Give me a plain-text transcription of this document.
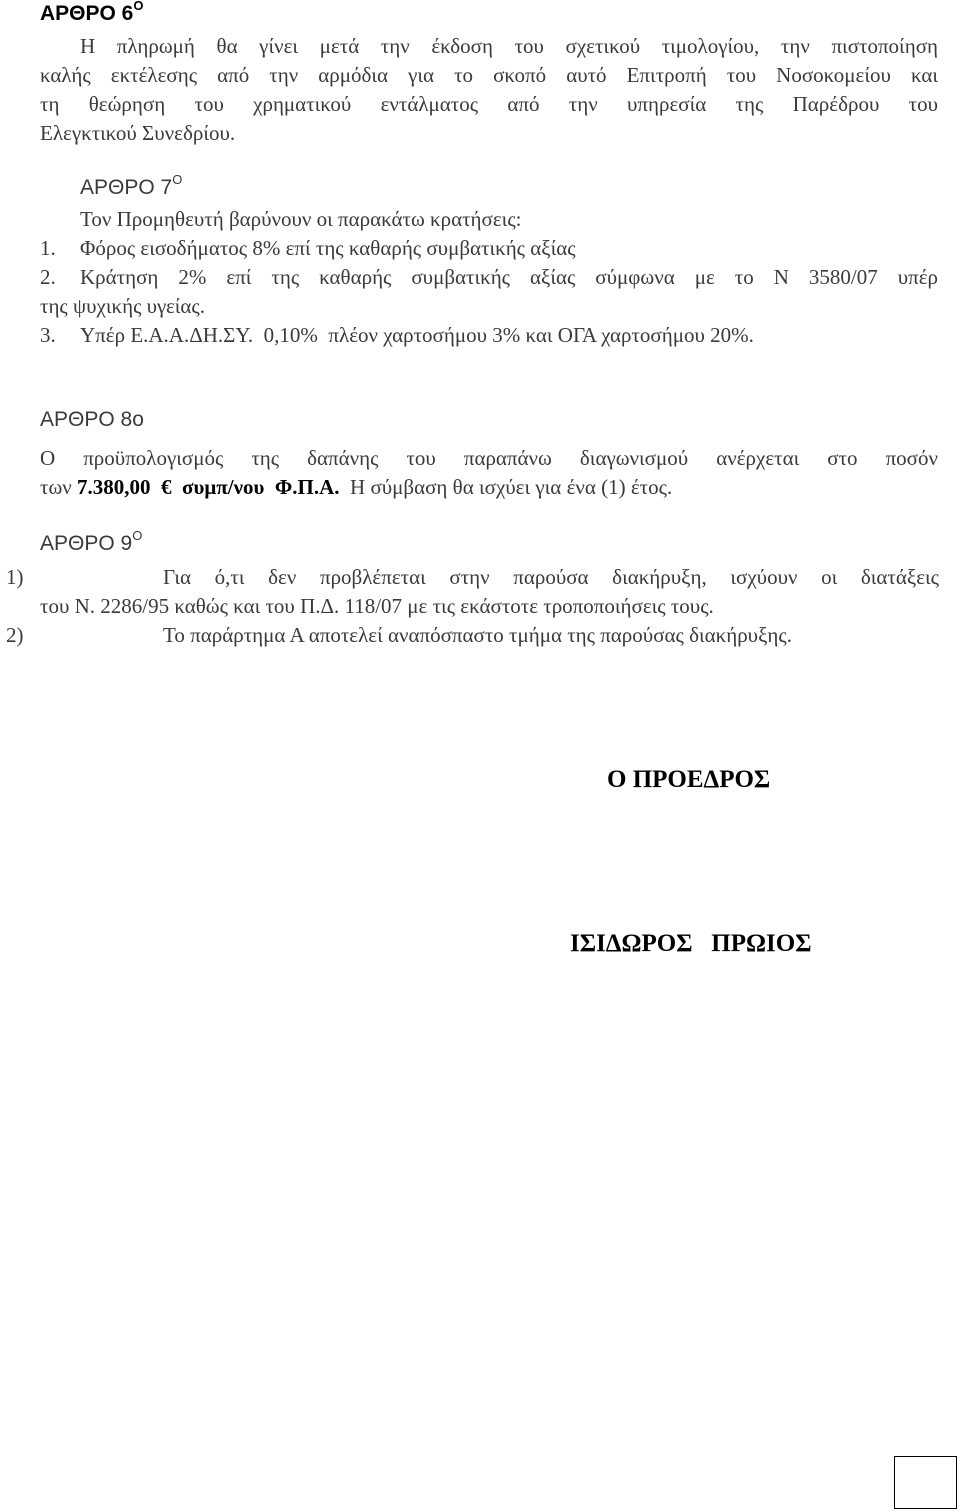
ΑΡΘΡΟ $6^O$
Η πληρωμή θα γίνει μετά την έκδοση του σχετικού τιμολογίου, την πιστοποίηση
καλής εκτέλεσης από την αρμόδια για το σκοπό αυτό Επιτροπή του Νοσοκομείου και
τη θεώρηση του χρηματικού εντάλματος από την υπηρεσία της Παρέδρου του
Ελεγκτικού Συνεδρίου.
ΑΡΘΡΟ $7^O$
Τον Προμηθευτή βαρύνουν οι παρακάτω κρατήσεις:
1. Φόρος εισοδήματος 8% επί της καθαρής συμβατικής αξίας
2. Κράτηση 2% επί της καθαρής συμβατικής αξίας σύμφωνα με το Ν 3580/07 υπέρ
της ψυχικής υγείας.
3. Υπέρ Ε.Α.Α.ΔΗ.ΣΥ.  0,10%  πλέον χαρτοσήμου 3% και ΟΓΑ χαρτοσήμου 20%.
ΑΡΘΡΟ 8ο
Ο προϋπολογισμός της δαπάνης του παραπάνω διαγωνισμού ανέρχεται στο ποσόν
των 7.380,00  €  συμπ/νου  Φ.Π.Α.  Η σύμβαση θα ισχύει για ένα (1) έτος.
ΑΡΘΡΟ $9^O$
1)	Για ό,τι δεν προβλέπεται στην παρούσα διακήρυξη, ισχύουν οι διατάξεις
του Ν. 2286/95 καθώς και του Π.Δ. 118/07 με τις εκάστοτε τροποποιήσεις τους.
2)	Το παράρτημα Α αποτελεί αναπόσπαστο τμήμα της παρούσας διακήρυξης.
Ο ΠΡΟΕΔΡΟΣ
ΙΣΙΔΩΡΟΣ   ΠΡΩΙΟΣ
